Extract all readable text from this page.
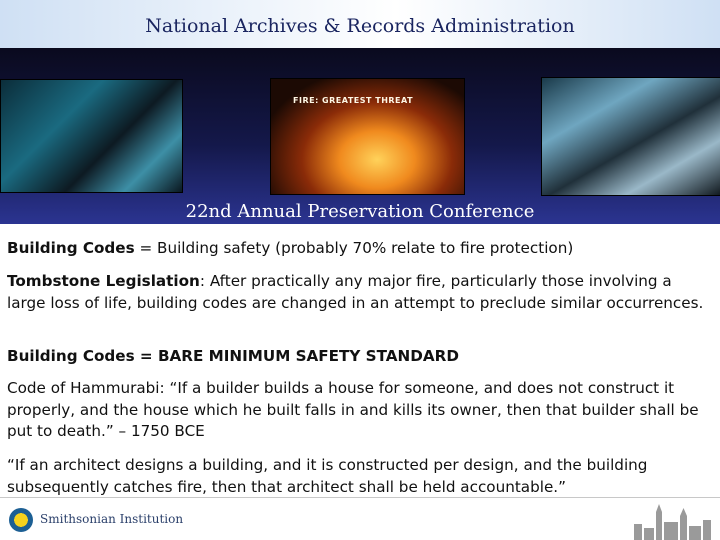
National Archives & Records Administration
FIRE: GREATEST THREAT
22nd Annual Preservation Conference
Building Codes = Building safety (probably 70% relate to fire protection)
Tombstone Legislation: After practically any major fire, particularly those involving a large loss of life, building codes are changed in an attempt to preclude similar occurrences.
Building Codes = BARE MINIMUM SAFETY STANDARD
Code of Hammurabi: “If a builder builds a house for someone, and does not construct it properly, and the house which he built falls in and kills its owner, then that builder shall be put to death.” – 1750 BCE
“If an architect designs a building, and it is constructed per design, and the building subsequently catches fire, then that architect shall be held accountable.”
Smithsonian Institution
